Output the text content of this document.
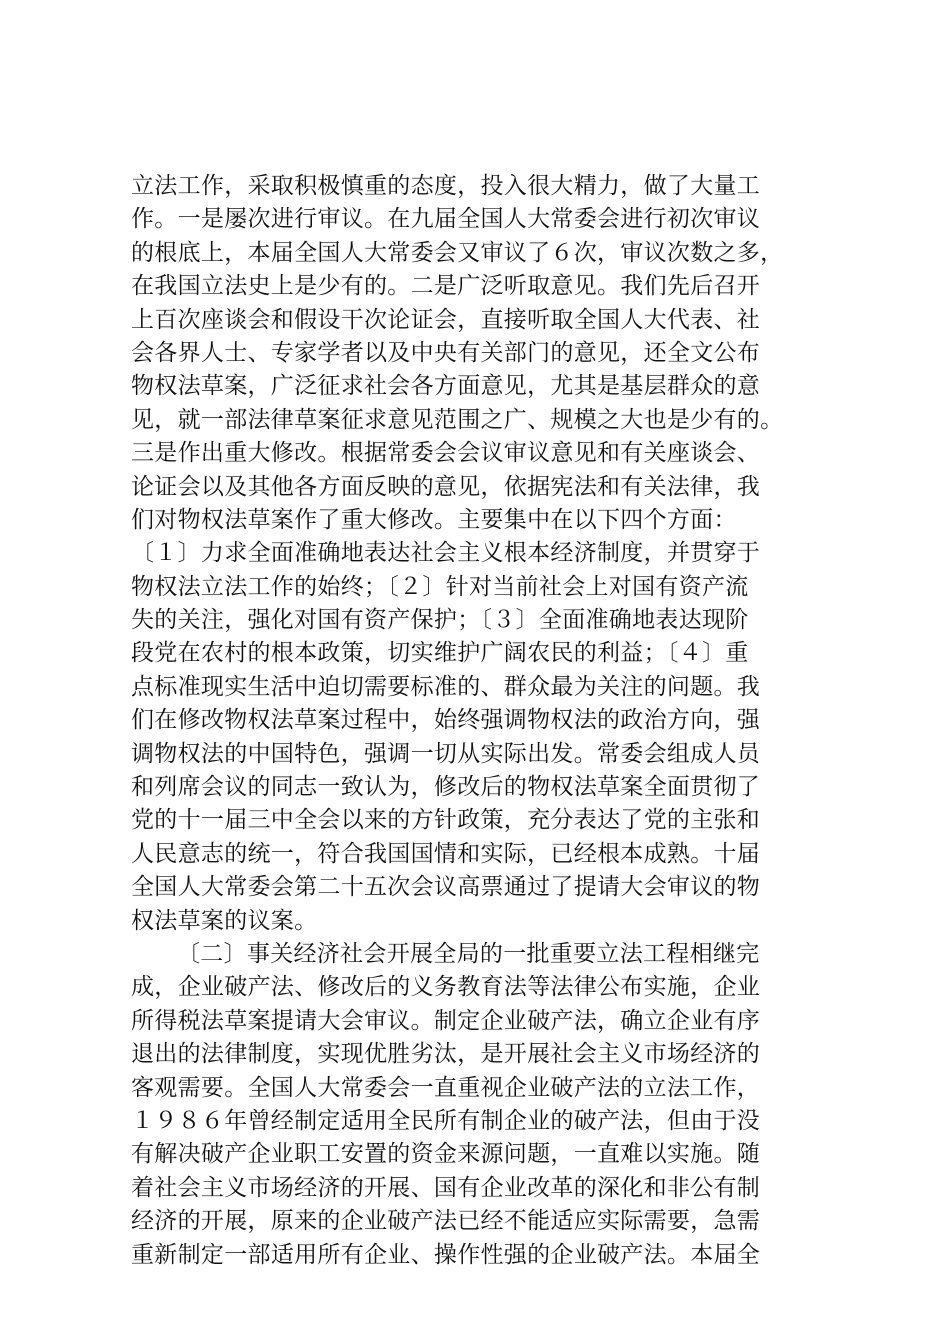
立法工作，采取积极慎重的态度，投入很大精力，做了大量工
作。一是屡次进行审议。在九届全国人大常委会进行初次审议
的根底上，本届全国人大常委会又审议了６次，审议次数之多，
在我国立法史上是少有的。二是广泛听取意见。我们先后召开
上百次座谈会和假设干次论证会，直接听取全国人大代表、社
会各界人士、专家学者以及中央有关部门的意见，还全文公布
物权法草案，广泛征求社会各方面意见，尤其是基层群众的意
见，就一部法律草案征求意见范围之广、规模之大也是少有的。
三是作出重大修改。根据常委会会议审议意见和有关座谈会、
论证会以及其他各方面反映的意见，依据宪法和有关法律，我
们对物权法草案作了重大修改。主要集中在以下四个方面：
〔１〕力求全面准确地表达社会主义根本经济制度，并贯穿于
物权法立法工作的始终；〔２〕针对当前社会上对国有资产流
失的关注，强化对国有资产保护；〔３〕全面准确地表达现阶
段党在农村的根本政策，切实维护广阔农民的利益；〔４〕重
点标准现实生活中迫切需要标准的、群众最为关注的问题。我
们在修改物权法草案过程中，始终强调物权法的政治方向，强
调物权法的中国特色，强调一切从实际出发。常委会组成人员
和列席会议的同志一致认为，修改后的物权法草案全面贯彻了
党的十一届三中全会以来的方针政策，充分表达了党的主张和
人民意志的统一，符合我国国情和实际，已经根本成熟。十届
全国人大常委会第二十五次会议高票通过了提请大会审议的物
权法草案的议案。
〔二〕事关经济社会开展全局的一批重要立法工程相继完
成，企业破产法、修改后的义务教育法等法律公布实施，企业
所得税法草案提请大会审议。制定企业破产法，确立企业有序
退出的法律制度，实现优胜劣汰，是开展社会主义市场经济的
客观需要。全国人大常委会一直重视企业破产法的立法工作，
１９８６年曾经制定适用全民所有制企业的破产法，但由于没
有解决破产企业职工安置的资金来源问题，一直难以实施。随
着社会主义市场经济的开展、国有企业改革的深化和非公有制
经济的开展，原来的企业破产法已经不能适应实际需要，急需
重新制定一部适用所有企业、操作性强的企业破产法。本届全
